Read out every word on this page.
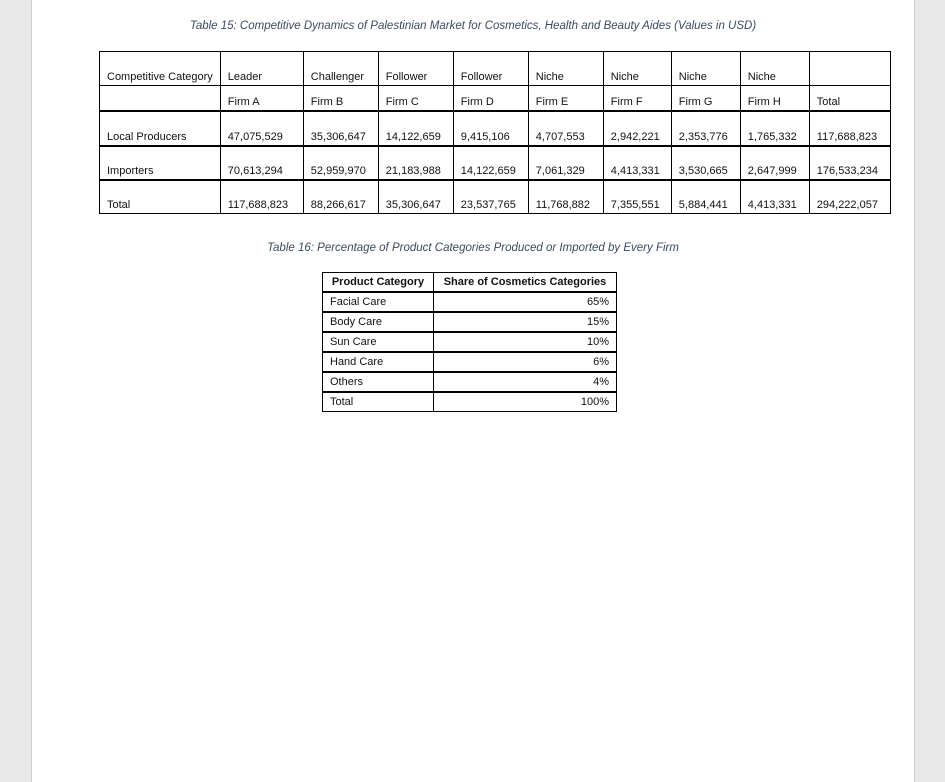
Table 15: Competitive Dynamics of Palestinian Market for Cosmetics, Health and Beauty Aides (Values in USD)
Competitive Category	Leader	Challenger	Follower	Follower	Niche	Niche	Niche	Niche	
	Firm A	Firm B	Firm C	Firm D	Firm E	Firm F	Firm G	Firm H	Total
Local Producers	47,075,529	35,306,647	14,122,659	9,415,106	4,707,553	2,942,221	2,353,776	1,765,332	117,688,823
Importers	70,613,294	52,959,970	21,183,988	14,122,659	7,061,329	4,413,331	3,530,665	2,647,999	176,533,234
Total	117,688,823	88,266,617	35,306,647	23,537,765	11,768,882	7,355,551	5,884,441	4,413,331	294,222,057
Table 16: Percentage of Product Categories Produced or Imported by Every Firm
Product Category	Share of Cosmetics Categories
Facial Care	65%
Body Care	15%
Sun Care	10%
Hand Care	6%
Others	4%
Total	100%
